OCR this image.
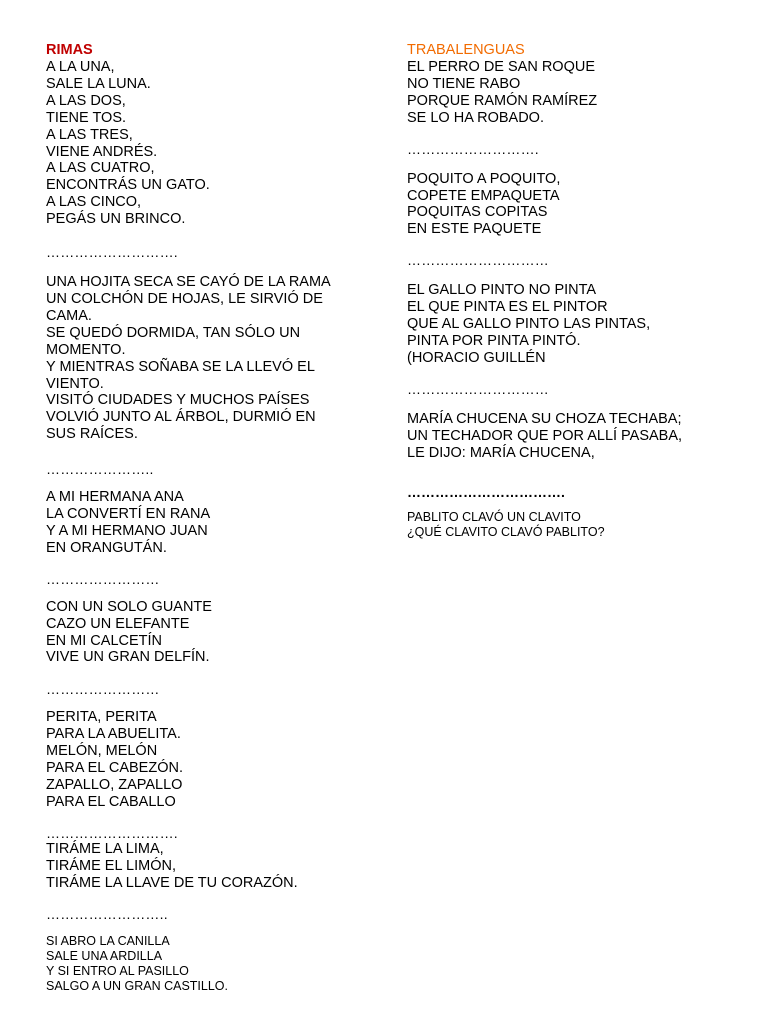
RIMAS

A LA UNA,

SALE LA LUNA.

A LAS DOS,

TIENE TOS.

A LAS TRES,

VIENE ANDRÉS.

A LAS CUATRO,

ENCONTRÁS UN GATO.

A LAS CINCO,

PEGÁS UN BRINCO.

……………………….

UNA HOJITA SECA SE CAYÓ DE LA RAMA

UN COLCHÓN DE HOJAS, LE SIRVIÓ DE

CAMA.

SE QUEDÓ DORMIDA, TAN SÓLO UN

MOMENTO.

Y MIENTRAS SOÑABA SE LA LLEVÓ EL

VIENTO.

VISITÓ CIUDADES Y MUCHOS PAÍSES

VOLVIÓ JUNTO AL ÁRBOL, DURMIÓ EN

SUS RAÍCES.

…………………..

A MI HERMANA ANA

LA CONVERTÍ EN RANA

Y A MI HERMANO JUAN

EN ORANGUTÁN.

……………………

CON UN SOLO GUANTE

CAZO UN ELEFANTE

EN MI CALCETÍN

VIVE UN GRAN DELFÍN.

……………………

PERITA, PERITA

PARA LA ABUELITA.

MELÓN, MELÓN

PARA EL CABEZÓN.

ZAPALLO, ZAPALLO

PARA EL CABALLO

……………………….

TIRÁME LA LIMA,

TIRÁME EL LIMÓN,

TIRÁME LA LLAVE DE TU CORAZÓN.

……………………..

SI ABRO LA CANILLA

SALE UNA ARDILLA

Y SI ENTRO AL PASILLO

SALGO A UN GRAN CASTILLO.

TRABALENGUAS

EL PERRO DE SAN ROQUE

NO TIENE RABO

PORQUE RAMÓN RAMÍREZ

SE LO HA ROBADO.

……………………….

POQUITO A POQUITO,

COPETE EMPAQUETA

POQUITAS COPITAS

EN ESTE PAQUETE

…………………………

EL GALLO PINTO NO PINTA

EL QUE PINTA ES EL PINTOR

QUE AL GALLO PINTO LAS PINTAS,

PINTA POR PINTA PINTÓ.

(HORACIO GUILLÉN

…………………………

MARÍA CHUCENA SU CHOZA TECHABA;

UN TECHADOR QUE POR ALLÍ PASABA,

LE DIJO: MARÍA CHUCENA,

…………………………….

PABLITO CLAVÓ UN CLAVITO

¿QUÉ CLAVITO CLAVÓ PABLITO?
